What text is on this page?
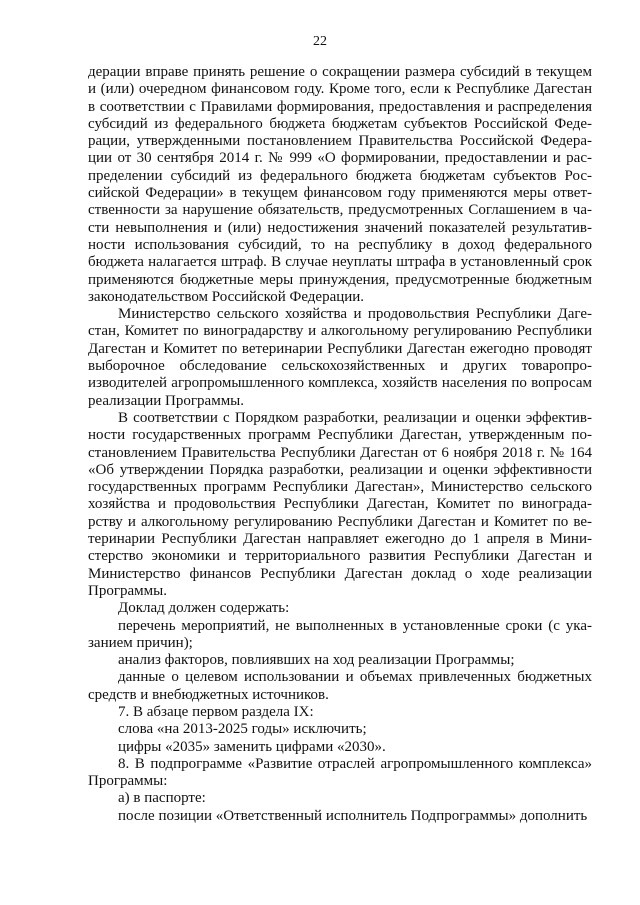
22

дерации вправе принять решение о сокращении размера субсидий в текущем и (или) очередном финансовом году. Кроме того, если к Республике Дагестан в соответствии с Правилами формирования, предоставления и распределения субсидий из федерального бюджета бюджетам субъектов Российской Федерации, утвержденными постановлением Правительства Российской Федерации от 30 сентября 2014 г. № 999 «О формировании, предоставлении и распределении субсидий из федерального бюджета бюджетам субъектов Российской Федерации» в текущем финансовом году применяются меры ответственности за нарушение обязательств, предусмотренных Соглашением в части невыполнения и (или) недостижения значений показателей результативности использования субсидий, то на республику в доход федерального бюджета налагается штраф. В случае неуплаты штрафа в установленный срок применяются бюджетные меры принуждения, предусмотренные бюджетным законодательством Российской Федерации.

Министерство сельского хозяйства и продовольствия Республики Дагестан, Комитет по виноградарству и алкогольному регулированию Республики Дагестан и Комитет по ветеринарии Республики Дагестан ежегодно проводят выборочное обследование сельскохозяйственных и других товаропроизводителей агропромышленного комплекса, хозяйств населения по вопросам реализации Программы.

В соответствии с Порядком разработки, реализации и оценки эффективности государственных программ Республики Дагестан, утвержденным постановлением Правительства Республики Дагестан от 6 ноября 2018 г. № 164 «Об утверждении Порядка разработки, реализации и оценки эффективности государственных программ Республики Дагестан», Министерство сельского хозяйства и продовольствия Республики Дагестан, Комитет по виноградарству и алкогольному регулированию Республики Дагестан и Комитет по ветеринарии Республики Дагестан направляет ежегодно до 1 апреля в Министерство экономики и территориального развития Республики Дагестан и Министерство финансов Республики Дагестан доклад о ходе реализации Программы.

Доклад должен содержать:

перечень мероприятий, не выполненных в установленные сроки (с указанием причин);

анализ факторов, повлиявших на ход реализации Программы;

данные о целевом использовании и объемах привлеченных бюджетных средств и внебюджетных источников.

7. В абзаце первом раздела IX:

слова «на 2013-2025 годы» исключить;

цифры «2035» заменить цифрами «2030».

8. В подпрограмме «Развитие отраслей агропромышленного комплекса» Программы:

а) в паспорте:

после позиции «Ответственный исполнитель Подпрограммы» дополнить
